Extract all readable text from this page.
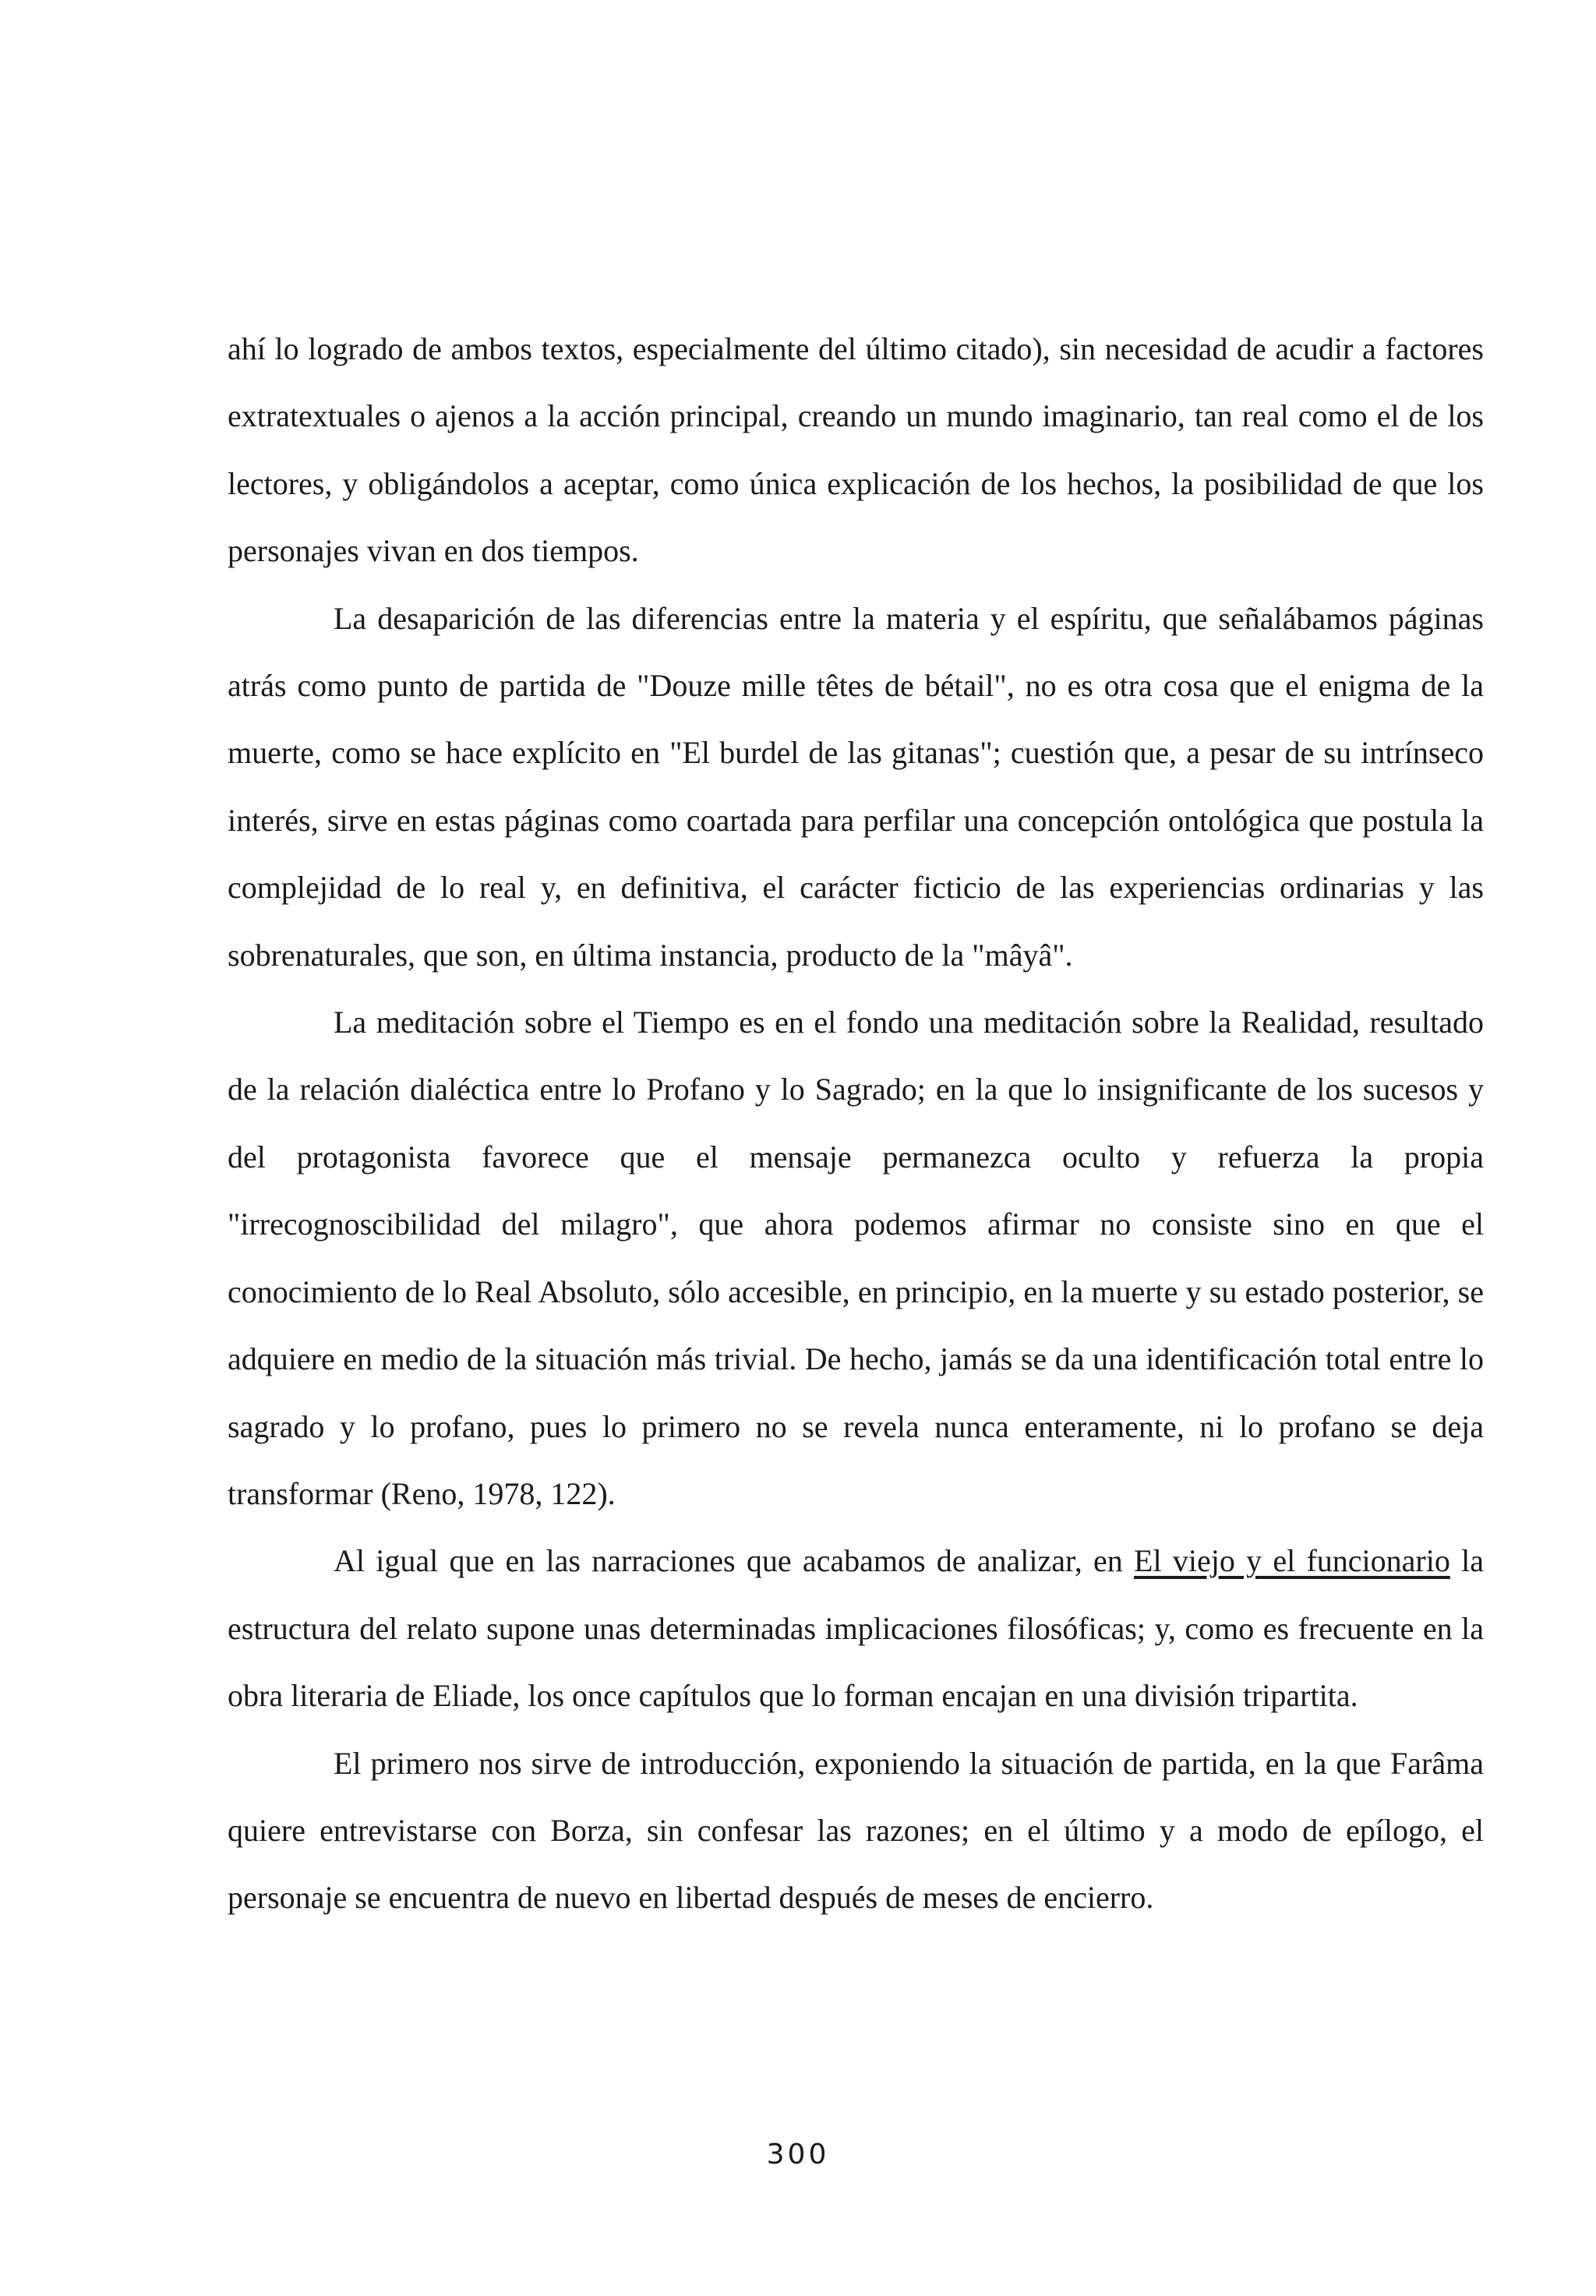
ahí lo logrado de ambos textos, especialmente del último citado), sin necesidad de acudir a factores extratextuales o ajenos a la acción principal, creando un mundo imaginario, tan real como el de los lectores, y obligándolos a aceptar, como única explicación de los hechos, la posibilidad de que los personajes vivan en dos tiempos.

La desaparición de las diferencias entre la materia y el espíritu, que señalábamos páginas atrás como punto de partida de "Douze mille têtes de bétail", no es otra cosa que el enigma de la muerte, como se hace explícito en "El burdel de las gitanas"; cuestión que, a pesar de su intrínseco interés, sirve en estas páginas como coartada para perfilar una concepción ontológica que postula la complejidad de lo real y, en definitiva, el carácter ficticio de las experiencias ordinarias y las sobrenaturales, que son, en última instancia, producto de la "mâyâ".

La meditación sobre el Tiempo es en el fondo una meditación sobre la Realidad, resultado de la relación dialéctica entre lo Profano y lo Sagrado; en la que lo insignificante de los sucesos y del protagonista favorece que el mensaje permanezca oculto y refuerza la propia "irrecognoscibilidad del milagro", que ahora podemos afirmar no consiste sino en que el conocimiento de lo Real Absoluto, sólo accesible, en principio, en la muerte y su estado posterior, se adquiere en medio de la situación más trivial. De hecho, jamás se da una identificación total entre lo sagrado y lo profano, pues lo primero no se revela nunca enteramente, ni lo profano se deja transformar (Reno, 1978, 122).

Al igual que en las narraciones que acabamos de analizar, en El viejo y el funcionario la estructura del relato supone unas determinadas implicaciones filosóficas; y, como es frecuente en la obra literaria de Eliade, los once capítulos que lo forman encajan en una división tripartita.

El primero nos sirve de introducción, exponiendo la situación de partida, en la que Farâma quiere entrevistarse con Borza, sin confesar las razones; en el último y a modo de epílogo, el personaje se encuentra de nuevo en libertad después de meses de encierro.

300
